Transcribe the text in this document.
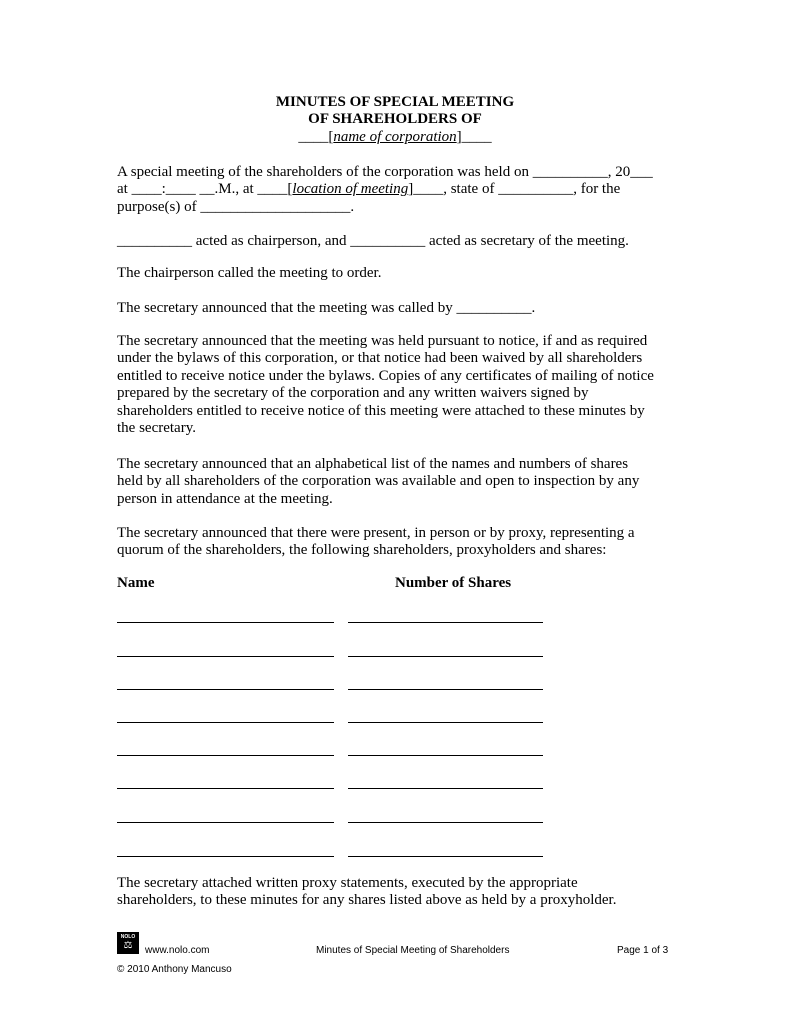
MINUTES OF SPECIAL MEETING
OF SHAREHOLDERS OF
____[name of corporation]____

A special meeting of the shareholders of the corporation was held on __________, 20___
at ____:____ __.M., at ____[location of meeting]____, state of __________, for the
purpose(s) of ____________________.

__________ acted as chairperson, and __________ acted as secretary of the meeting.

The chairperson called the meeting to order.

The secretary announced that the meeting was called by __________.

The secretary announced that the meeting was held pursuant to notice, if and as required
under the bylaws of this corporation, or that notice had been waived by all shareholders
entitled to receive notice under the bylaws. Copies of any certificates of mailing of notice
prepared by the secretary of the corporation and any written waivers signed by
shareholders entitled to receive notice of this meeting were attached to these minutes by
the secretary.

The secretary announced that an alphabetical list of the names and numbers of shares
held by all shareholders of the corporation was available and open to inspection by any
person in attendance at the meeting.

The secretary announced that there were present, in person or by proxy, representing a
quorum of the shareholders, the following shareholders, proxyholders and shares:

Name	Number of Shares

The secretary attached written proxy statements, executed by the appropriate
shareholders, to these minutes for any shares listed above as held by a proxyholder.

NOLO
⚖	www.nolo.com	Minutes of Special Meeting of Shareholders	Page 1 of 3
© 2010 Anthony Mancuso
